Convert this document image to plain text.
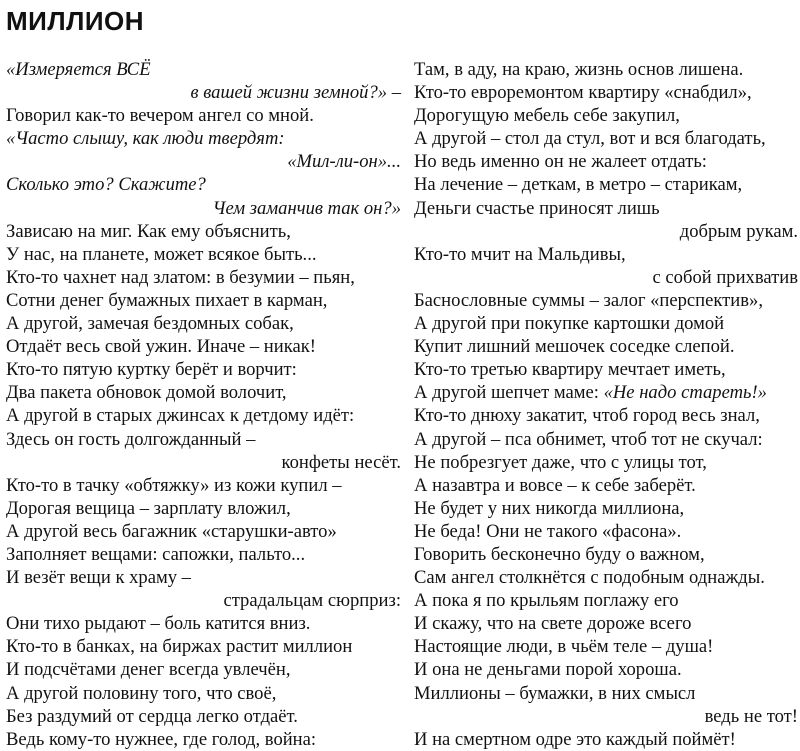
МИЛЛИОН
«Измеряется ВСЁ
в вашей жизни земной?» –
Говорил как-то вечером ангел со мной.
«Часто слышу, как люди твердят:
«Мил-ли-он»...
Сколько это? Скажите?
Чем заманчив так он?»
Зависаю на миг. Как ему объяснить,
У нас, на планете, может всякое быть...
Кто-то чахнет над златом: в безумии – пьян,
Сотни денег бумажных пихает в карман,
А другой, замечая бездомных собак,
Отдаёт весь свой ужин. Иначе – никак!
Кто-то пятую куртку берёт и ворчит:
Два пакета обновок домой волочит,
А другой в старых джинсах к детдому идёт:
Здесь он гость долгожданный –
конфеты несёт.
Кто-то в тачку «обтяжку» из кожи купил –
Дорогая вещица – зарплату вложил,
А другой весь багажник «старушки-авто»
Заполняет вещами: сапожки, пальто...
И везёт вещи к храму –
страдальцам сюрприз:
Они тихо рыдают – боль катится вниз.
Кто-то в банках, на биржах растит миллион
И подсчётами денег всегда увлечён,
А другой половину того, что своё,
Без раздумий от сердца легко отдаёт.
Ведь кому-то нужнее, где голод, война:
Там, в аду, на краю, жизнь основ лишена.
Кто-то евроремонтом квартиру «снабдил»,
Дорогущую мебель себе закупил,
А другой – стол да стул, вот и вся благодать,
Но ведь именно он не жалеет отдать:
На лечение – деткам, в метро – старикам,
Деньги счастье приносят лишь
добрым рукам.
Кто-то мчит на Мальдивы,
с собой прихватив
Баснословные суммы – залог «перспектив»,
А другой при покупке картошки домой
Купит лишний мешочек соседке слепой.
Кто-то третью квартиру мечтает иметь,
А другой шепчет маме: «Не надо стареть!»
Кто-то днюху закатит, чтоб город весь знал,
А другой – пса обнимет, чтоб тот не скучал:
Не побрезгует даже, что с улицы тот,
А назавтра и вовсе – к себе заберёт.
Не будет у них никогда миллиона,
Не беда! Они не такого «фасона».
Говорить бесконечно буду о важном,
Сам ангел столкнётся с подобным однажды.
А пока я по крыльям поглажу его
И скажу, что на свете дороже всего
Настоящие люди, в чьём теле – душа!
И она не деньгами порой хороша.
Миллионы – бумажки, в них смысл
ведь не тот!
И на смертном одре это каждый поймёт!
